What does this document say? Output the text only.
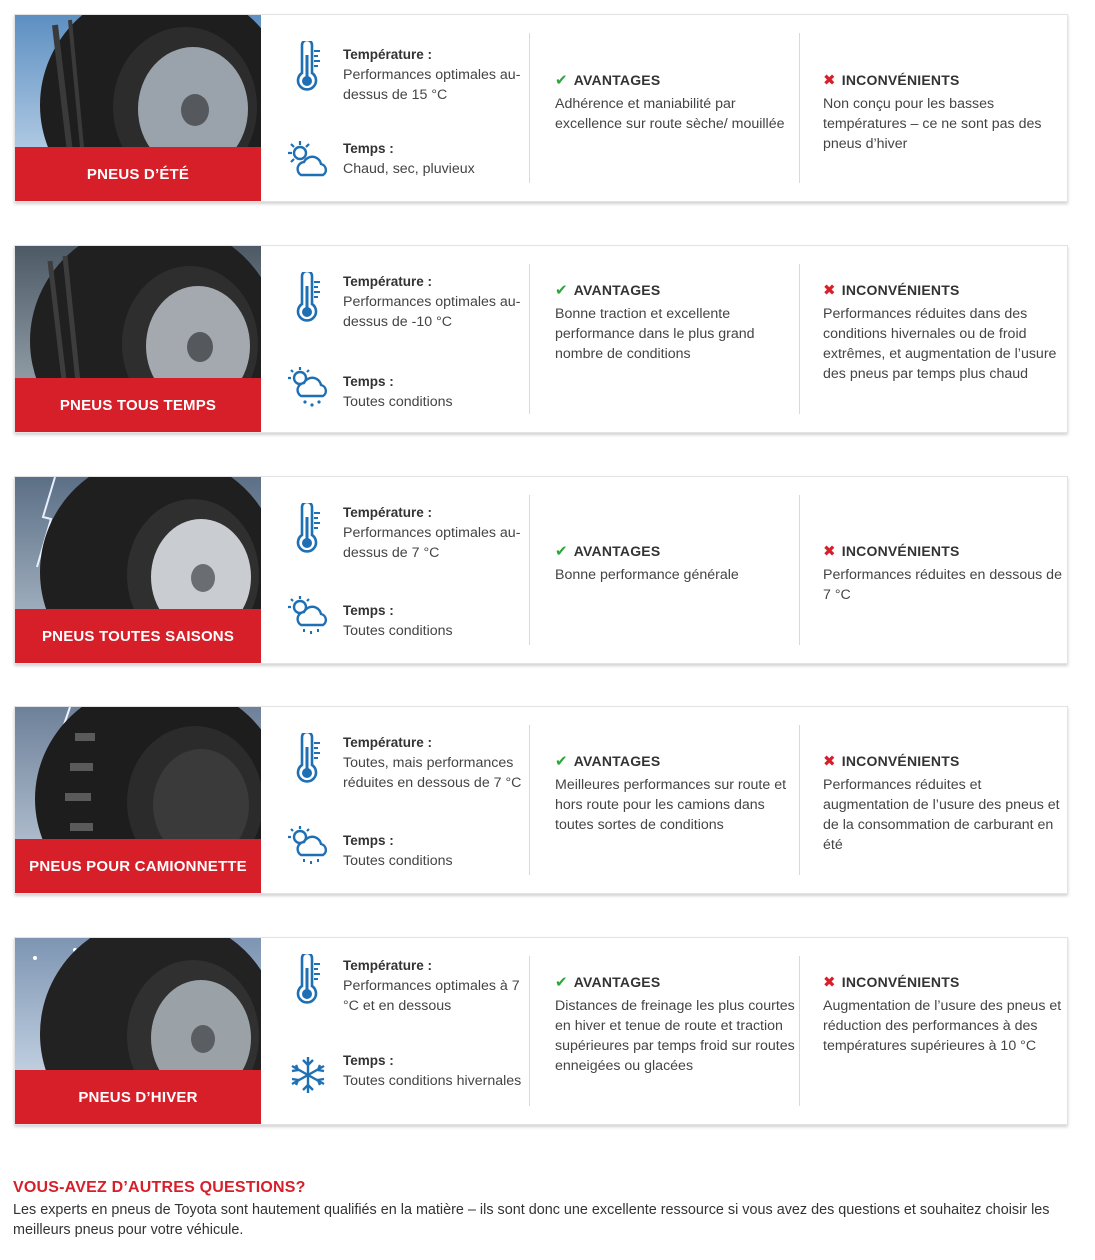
PNEUS D’ÉTÉ
Température :
Performances optimales au-dessus de 15 °C
Temps :
Chaud, sec, pluvieux
✔ AVANTAGES
Adhérence et maniabilité par excellence sur route sèche/ mouillée
✖ INCONVÉNIENTS
Non conçu pour les basses températures – ce ne sont pas des pneus d’hiver
PNEUS TOUS TEMPS
Température :
Performances optimales au-dessus de -10 °C
Temps :
Toutes conditions
✔ AVANTAGES
Bonne traction et excellente performance dans le plus grand nombre de conditions
✖ INCONVÉNIENTS
Performances réduites dans des conditions hivernales ou de froid extrêmes, et augmentation de l’usure des pneus par temps plus chaud
PNEUS TOUTES SAISONS
Température :
Performances optimales au-dessus de 7 °C
Temps :
Toutes conditions
✔ AVANTAGES
Bonne performance générale
✖ INCONVÉNIENTS
Performances réduites en dessous de 7 °C
PNEUS POUR CAMIONNETTE
Température :
Toutes, mais performances réduites en dessous de 7 °C
Temps :
Toutes conditions
✔ AVANTAGES
Meilleures performances sur route et hors route pour les camions dans toutes sortes de conditions
✖ INCONVÉNIENTS
Performances réduites et augmentation de l’usure des pneus et de la consommation de carburant en été
PNEUS D’HIVER
Température :
Performances optimales à 7 °C et en dessous
Temps :
Toutes conditions hivernales
✔ AVANTAGES
Distances de freinage les plus courtes en hiver et tenue de route et traction supérieures par temps froid sur routes enneigées ou glacées
✖ INCONVÉNIENTS
Augmentation de l’usure des pneus et réduction des performances à des températures supérieures à 10 °C
VOUS-AVEZ D’AUTRES QUESTIONS?

Les experts en pneus de Toyota sont hautement qualifiés en la matière – ils sont donc une excellente ressource si vous avez des questions et souhaitez choisir les meilleurs pneus pour votre véhicule.
